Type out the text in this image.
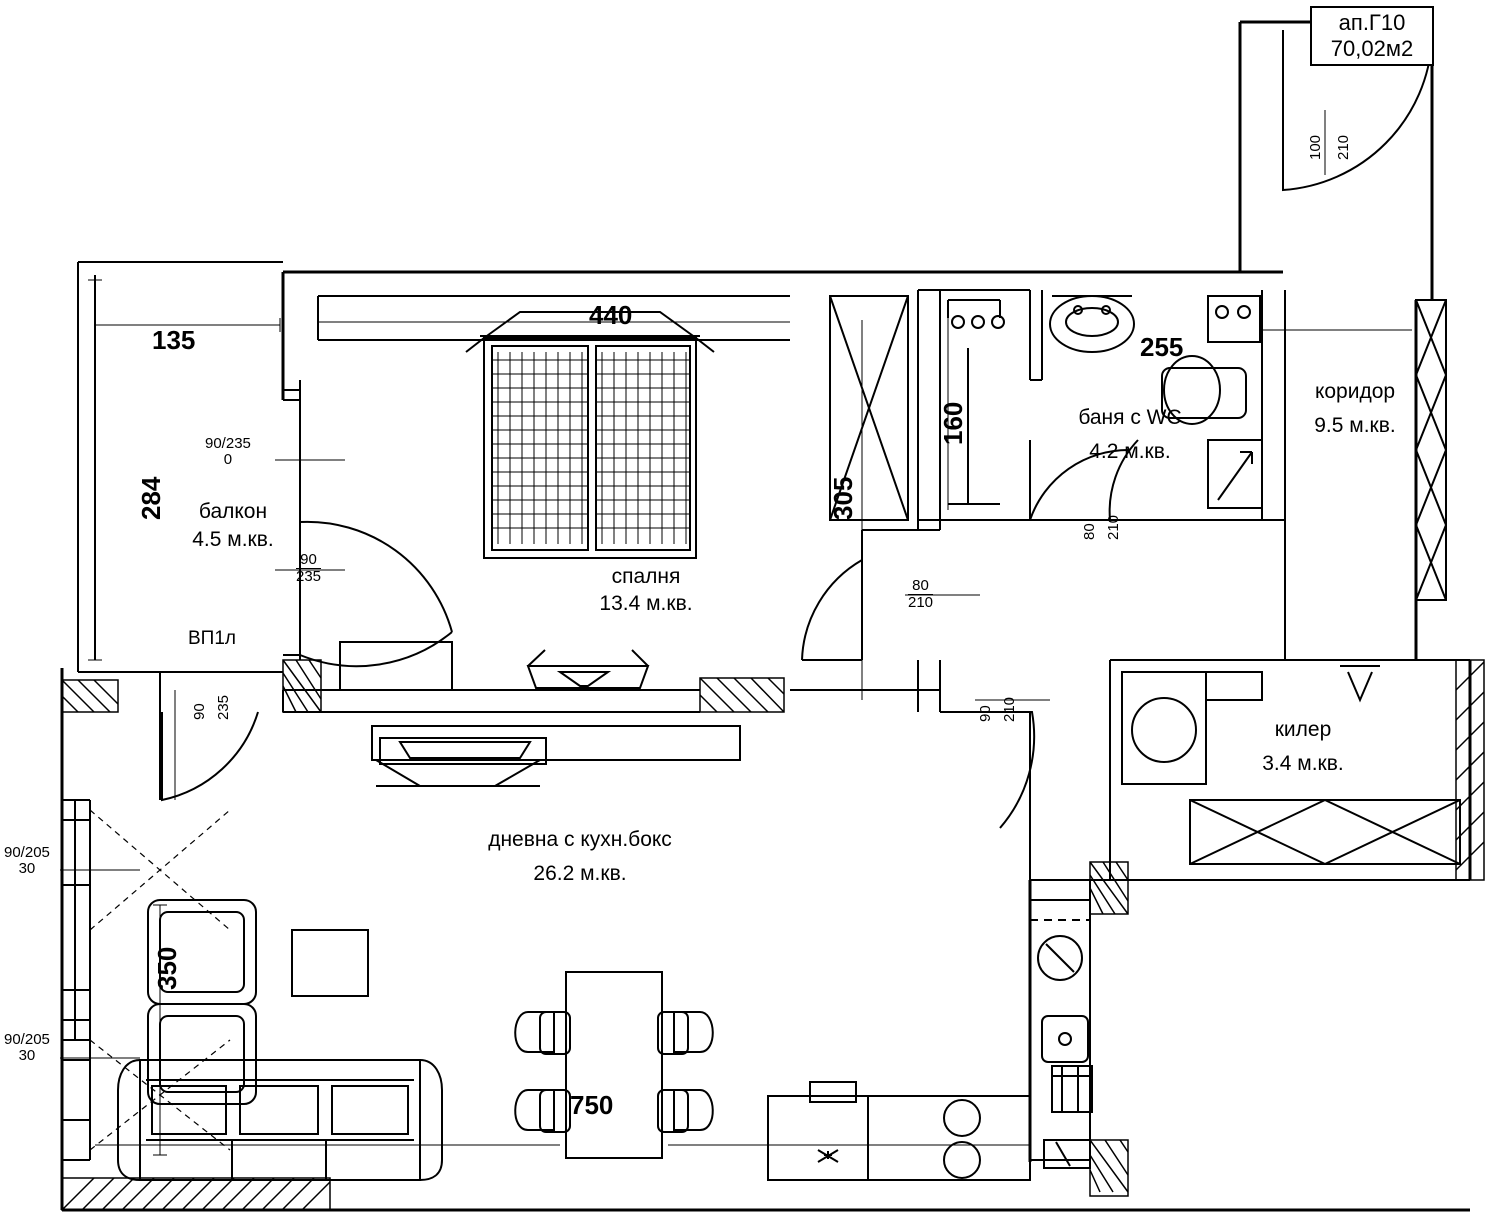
ап.Г10
70,02м2
балкон
4.5 м.кв.
спалня
13.4 м.кв.
баня с WC
4.2 м.кв.
коридор
9.5 м.кв.
килер
3.4 м.кв.
дневна с кухн.бокс
26.2 м.кв.
135
284
440
305
160
255
350
750
100 210
90/235
0
$\frac{90}{235}$
90 235
80 210
$\frac{80}{210}$
90 210
90/205
30
90/205
30
ВП1л
